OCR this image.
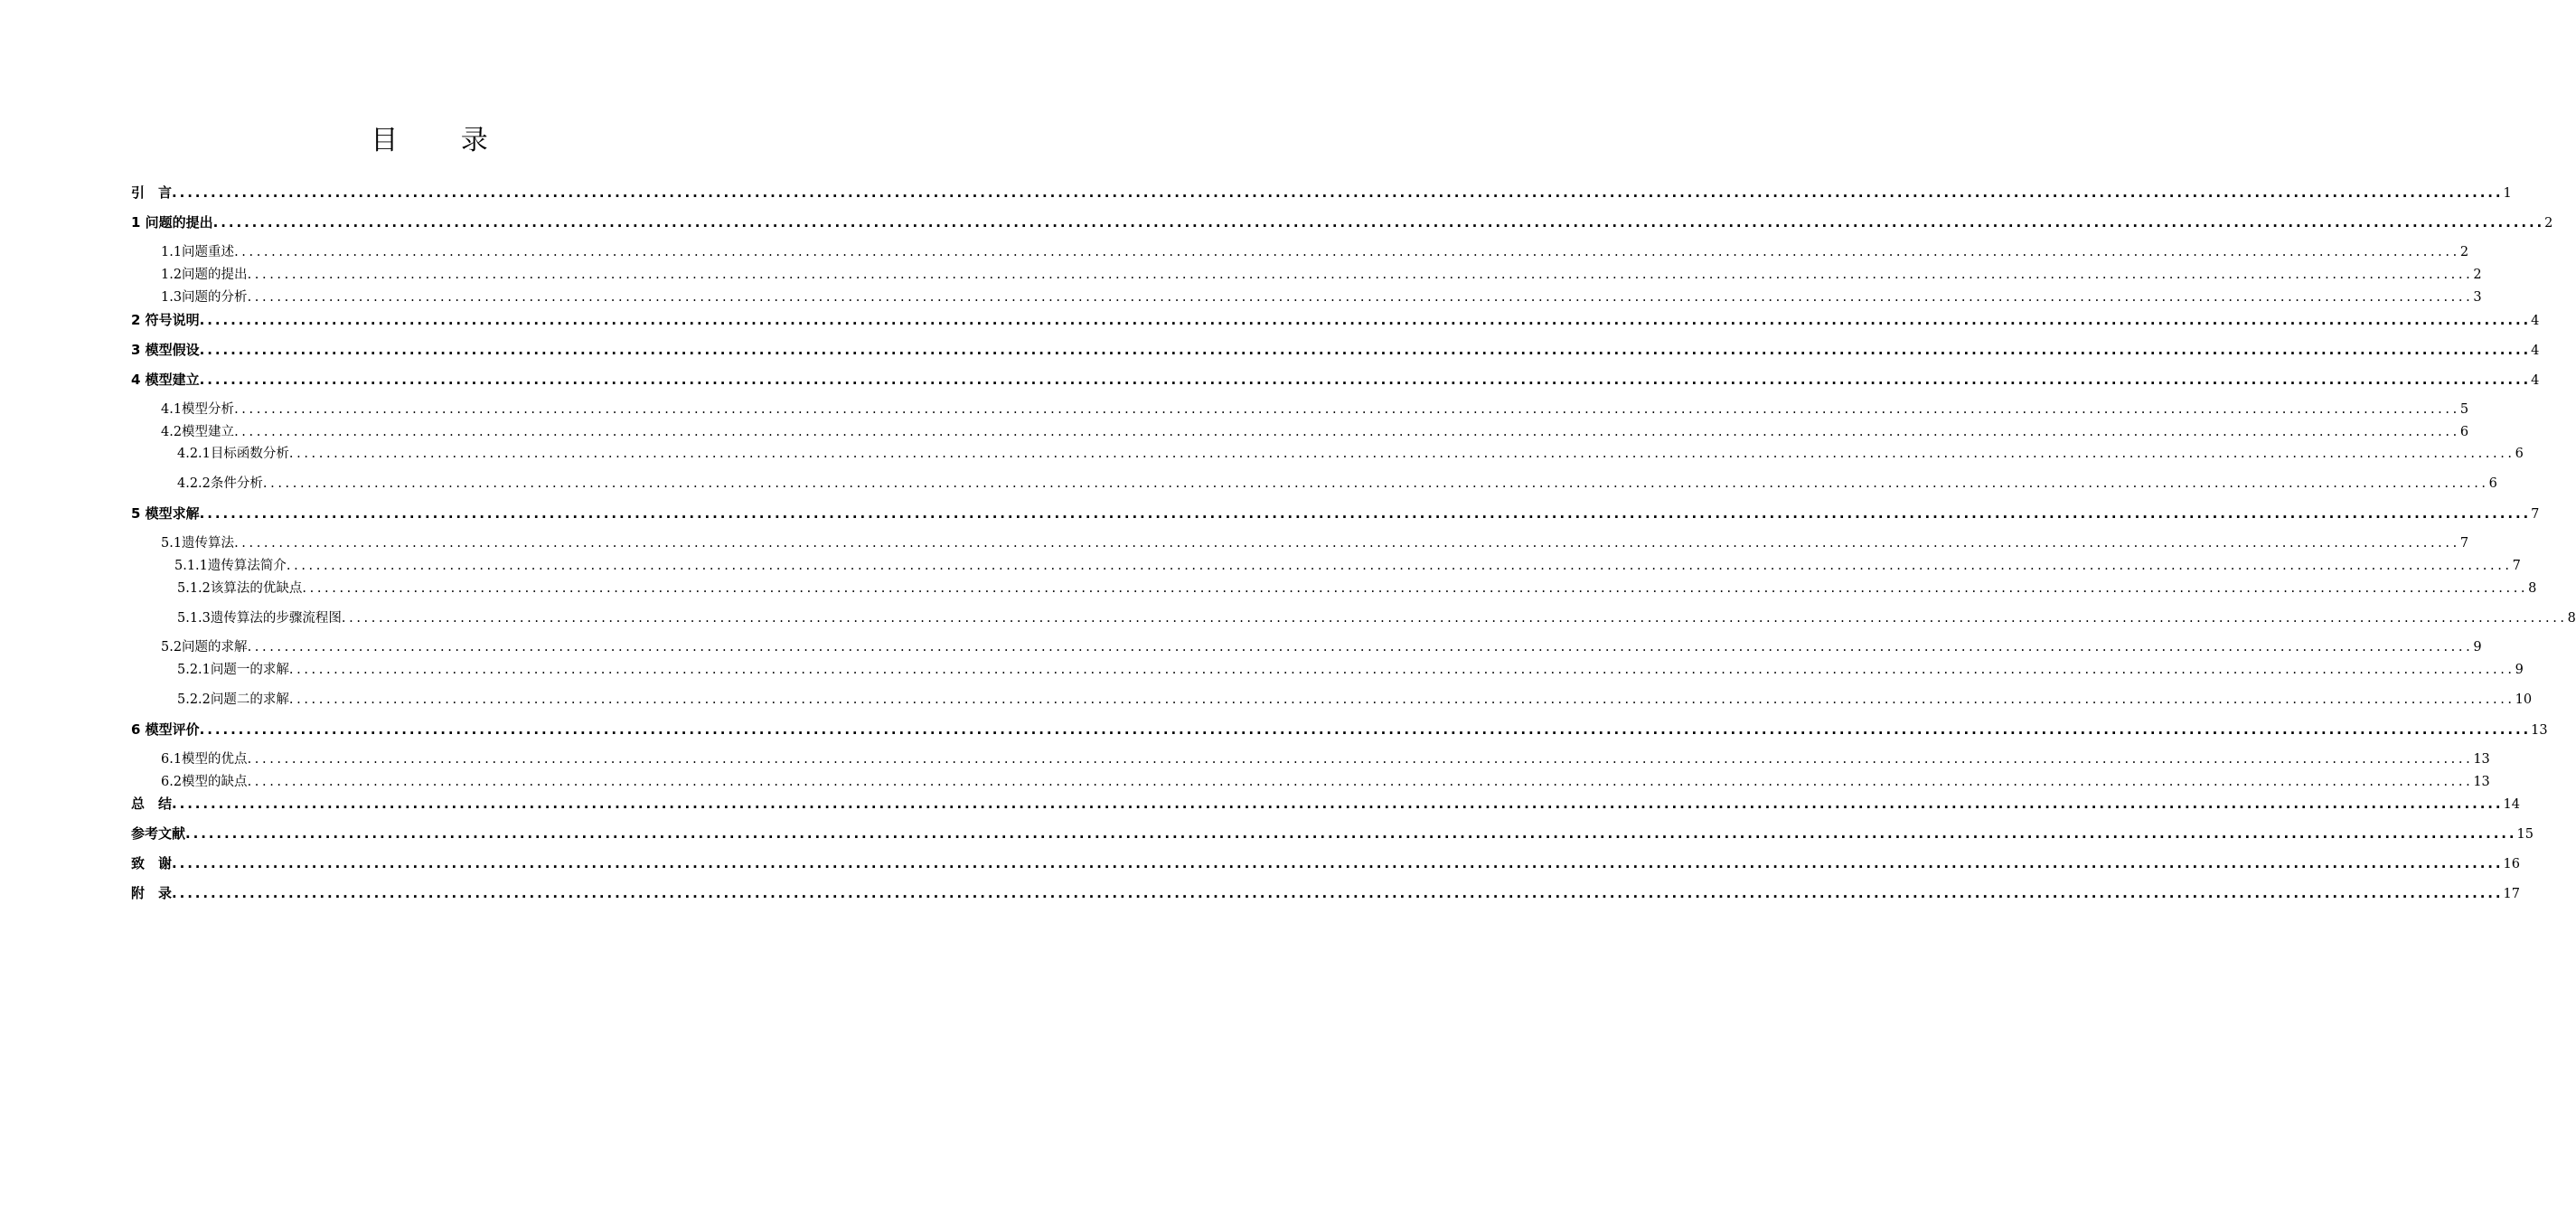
目 录
引　言 ............................................................................................................................................................................................................................................................................................................ 1
1 问题的提出 ............................................................................................................................................................................................................................................................................................................ 2
1.1问题重述 ............................................................................................................................................................................................................................................................................................................ 2
1.2问题的提出 ............................................................................................................................................................................................................................................................................................................ 2
1.3问题的分析 ............................................................................................................................................................................................................................................................................................................ 3
2 符号说明 ............................................................................................................................................................................................................................................................................................................ 4
3 模型假设 ............................................................................................................................................................................................................................................................................................................ 4
4 模型建立 ............................................................................................................................................................................................................................................................................................................ 4
4.1模型分析 ............................................................................................................................................................................................................................................................................................................ 5
4.2模型建立 ............................................................................................................................................................................................................................................................................................................ 6
4.2.1目标函数分析 ............................................................................................................................................................................................................................................................................................................ 6
4.2.2条件分析 ............................................................................................................................................................................................................................................................................................................ 6
5 模型求解 ............................................................................................................................................................................................................................................................................................................ 7
5.1遗传算法 ............................................................................................................................................................................................................................................................................................................ 7
5.1.1遗传算法简介 ............................................................................................................................................................................................................................................................................................................ 7
5.1.2该算法的优缺点 ............................................................................................................................................................................................................................................................................................................ 8
5.1.3遗传算法的步骤流程图 ............................................................................................................................................................................................................................................................................................................ 8
5.2问题的求解 ............................................................................................................................................................................................................................................................................................................ 9
5.2.1问题一的求解 ............................................................................................................................................................................................................................................................................................................ 9
5.2.2问题二的求解 ............................................................................................................................................................................................................................................................................................................ 10
6 模型评价 ............................................................................................................................................................................................................................................................................................................ 13
6.1模型的优点 ............................................................................................................................................................................................................................................................................................................ 13
6.2模型的缺点 ............................................................................................................................................................................................................................................................................................................ 13
总　结 ............................................................................................................................................................................................................................................................................................................ 14
参考文献 ............................................................................................................................................................................................................................................................................................................ 15
致　谢 ............................................................................................................................................................................................................................................................................................................ 16
附　录 ............................................................................................................................................................................................................................................................................................................ 17
